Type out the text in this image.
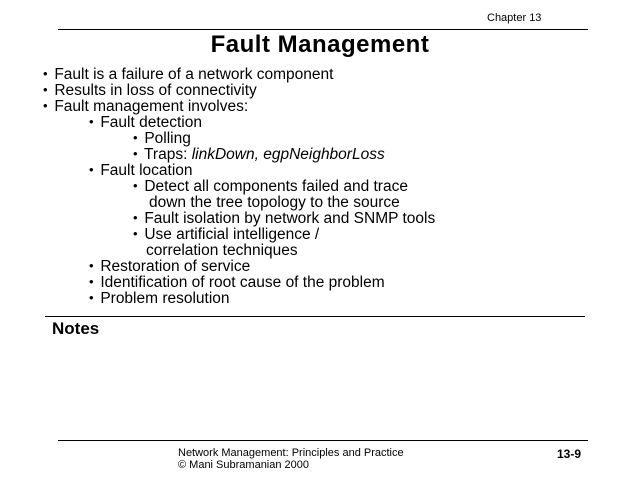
Chapter 13
Fault Management
• Fault is a failure of a network component
• Results in loss of connectivity
• Fault management involves:
• Fault detection
• Polling
• Traps: linkDown, egpNeighborLoss
• Fault location
• Detect all components failed and trace
down the tree topology to the source
• Fault isolation by network and SNMP tools
• Use artificial intelligence /
correlation techniques
• Restoration of service
• Identification of root cause of the problem
• Problem resolution
Notes
Network Management: Principles and Practice
© Mani Subramanian 2000
13-9
